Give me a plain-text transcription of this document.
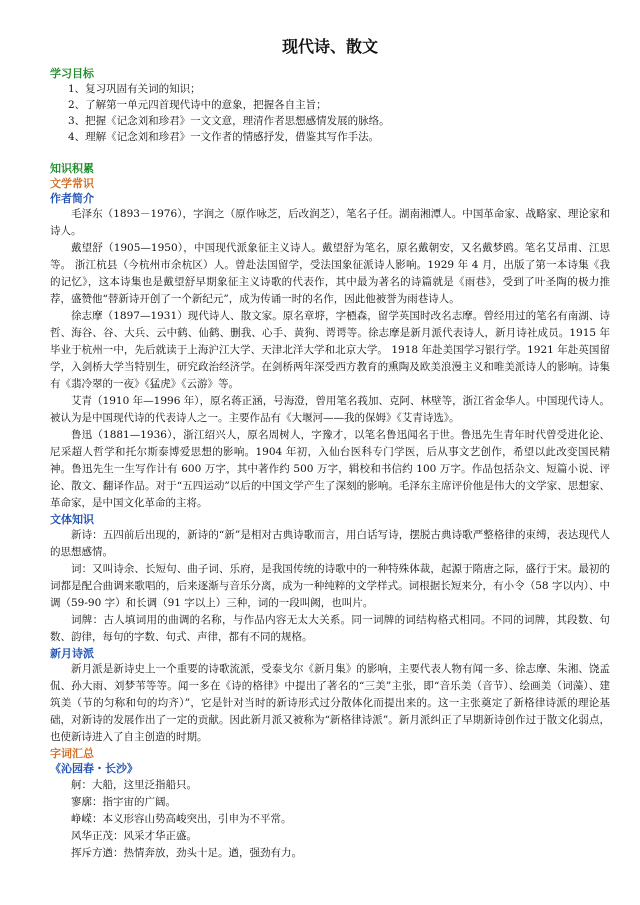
现代诗、散文
学习目标
1、复习巩固有关词的知识；
2、了解第一单元四首现代诗中的意象，把握各自主旨；
3、把握《记念刘和珍君》一文文意，理清作者思想感情发展的脉络。
4、理解《记念刘和珍君》一文作者的情感抒发，借鉴其写作手法。
知识积累
文学常识
作者简介

毛泽东（1893－1976），字润之（原作咏芝，后改润芝），笔名子任。湖南湘潭人。中国革命家、战略家、理论家和诗人。

戴望舒（1905—1950），中国现代派象征主义诗人。戴望舒为笔名，原名戴朝安，又名戴梦鸥。笔名艾昂甫、江思等。 浙江杭县（今杭州市余杭区）人。曾赴法国留学，受法国象征派诗人影响。1929 年 4 月，出版了第一本诗集《我的记忆》，这本诗集也是戴望舒早期象征主义诗歌的代表作，其中最为著名的诗篇就是《雨巷》，受到了叶圣陶的极力推荐，盛赞他“替新诗开创了一个新纪元”，成为传诵一时的名作，因此他被誉为雨巷诗人。

徐志摩（1897—1931）现代诗人、散文家。原名章垿，字槱森，留学英国时改名志摩。曾经用过的笔名有南湖、诗哲、海谷、谷、大兵、云中鹤、仙鹤、删我、心手、黄狗、谔谔等。徐志摩是新月派代表诗人，新月诗社成员。1915 年毕业于杭州一中，先后就读于上海沪江大学、天津北洋大学和北京大学。 1918 年赴美国学习银行学。1921 年赴英国留学，入剑桥大学当特别生，研究政治经济学。在剑桥两年深受西方教育的熏陶及欧美浪漫主义和唯美派诗人的影响。诗集有《翡冷翠的一夜》《猛虎》《云游》等。

艾青（1910 年—1996 年），原名蒋正涵，号海澄，曾用笔名莪加、克阿、林壁等，浙江省金华人。中国现代诗人。被认为是中国现代诗的代表诗人之一。主要作品有《大堰河——我的保姆》《艾青诗选》。

鲁迅（1881—1936），浙江绍兴人，原名周树人，字豫才，以笔名鲁迅闻名于世。鲁迅先生青年时代曾受进化论、尼采超人哲学和托尔斯泰博爱思想的影响。1904 年初，入仙台医科专门学医，后从事文艺创作，希望以此改变国民精神。鲁迅先生一生写作计有 600 万字，其中著作约 500 万字，辑校和书信约 100 万字。作品包括杂文、短篇小说、评论、散文、翻译作品。对于“五四运动”以后的中国文学产生了深刻的影响。毛泽东主席评价他是伟大的文学家、思想家、革命家，是中国文化革命的主将。

文体知识

新诗：五四前后出现的，新诗的“新”是相对古典诗歌而言，用白话写诗，摆脱古典诗歌严整格律的束缚，表达现代人的思想感情。

词：又叫诗余、长短句、曲子词、乐府，是我国传统的诗歌中的一种特殊体裁，起源于隋唐之际，盛行于宋。最初的词都是配合曲调来歌唱的，后来逐渐与音乐分离，成为一种纯粹的文学样式。词根据长短来分，有小令（58 字以内）、中调（59-90 字）和长调（91 字以上）三种，词的一段叫阙，也叫片。

词牌：古人填词用的曲调的名称，与作品内容无太大关系。同一词牌的词结构格式相同。不同的词牌，其段数、句数、韵律，每句的字数、句式、声律，都有不同的规格。

新月诗派

新月派是新诗史上一个重要的诗歌流派，受泰戈尔《新月集》的影响，主要代表人物有闻一多、徐志摩、朱湘、饶孟侃、孙大雨、刘梦苇等等。闻一多在《诗的格律》中提出了著名的“三美”主张，即“音乐美（音节）、绘画美（词藻）、建筑美（节的匀称和句的均齐）”，它是针对当时的新诗形式过分散体化而提出来的。这一主张奠定了新格律诗派的理论基础，对新诗的发展作出了一定的贡献。因此新月派又被称为“新格律诗派”。新月派纠正了早期新诗创作过于散文化弱点，也使新诗进入了自主创造的时期。

字词汇总
《沁园春・长沙》
舸：大船，这里泛指船只。
寥廓：指宇宙的广阔。
峥嵘：本义形容山势高峻突出，引申为不平常。
风华正茂：风采才华正盛。
挥斥方遒：热情奔放，劲头十足。遒，强劲有力。
